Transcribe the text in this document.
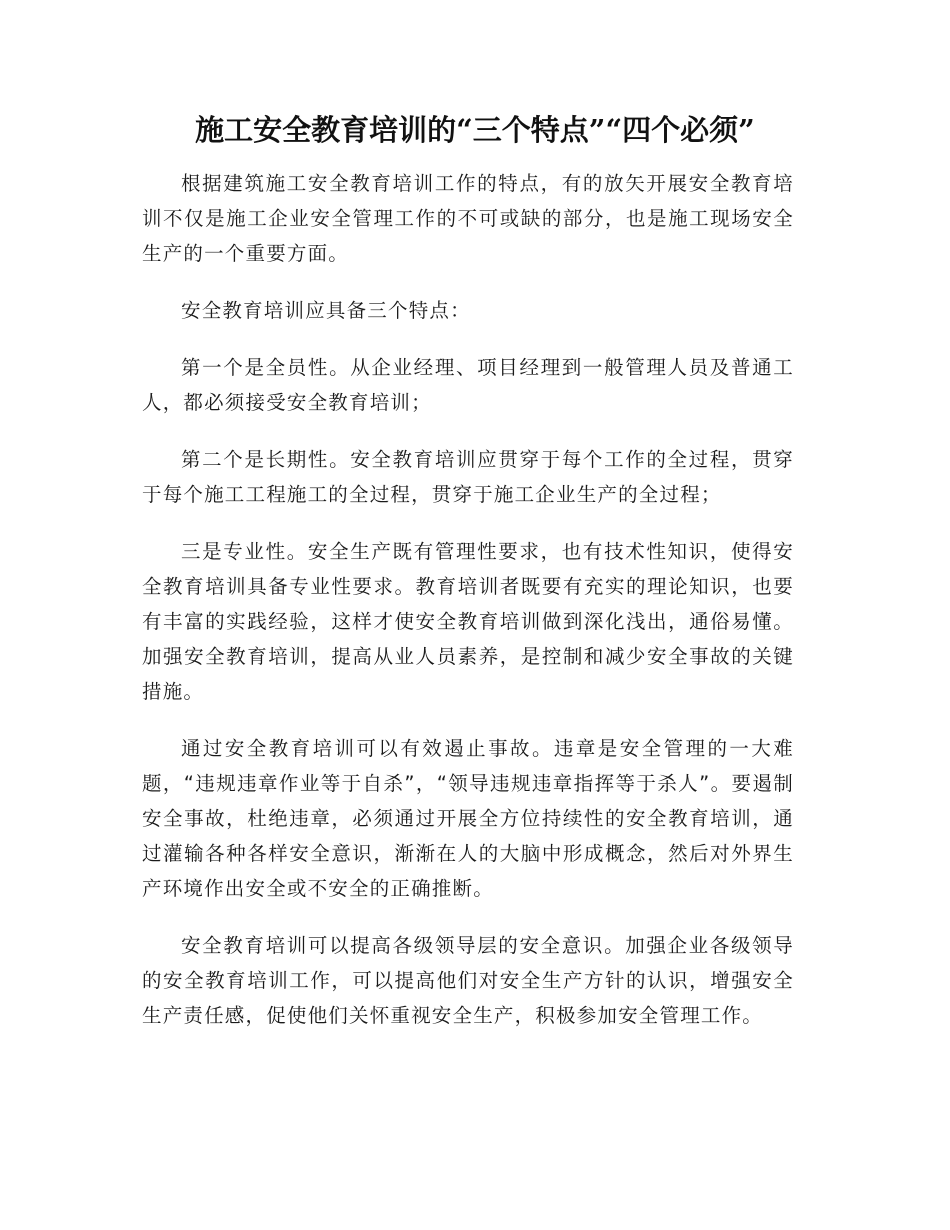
施工安全教育培训的“三个特点”“四个必须”

根据建筑施工安全教育培训工作的特点，有的放矢开展安全教育培训不仅是施工企业安全管理工作的不可或缺的部分，也是施工现场安全生产的一个重要方面。

安全教育培训应具备三个特点：

第一个是全员性。从企业经理、项目经理到一般管理人员及普通工人，都必须接受安全教育培训；

第二个是长期性。安全教育培训应贯穿于每个工作的全过程，贯穿于每个施工工程施工的全过程，贯穿于施工企业生产的全过程；

三是专业性。安全生产既有管理性要求，也有技术性知识，使得安全教育培训具备专业性要求。教育培训者既要有充实的理论知识，也要有丰富的实践经验，这样才使安全教育培训做到深化浅出，通俗易懂。加强安全教育培训，提高从业人员素养，是控制和减少安全事故的关键措施。

通过安全教育培训可以有效遏止事故。违章是安全管理的一大难题，“违规违章作业等于自杀”，“领导违规违章指挥等于杀人”。要遏制安全事故，杜绝违章，必须通过开展全方位持续性的安全教育培训，通过灌输各种各样安全意识，渐渐在人的大脑中形成概念，然后对外界生产环境作出安全或不安全的正确推断。

安全教育培训可以提高各级领导层的安全意识。加强企业各级领导的安全教育培训工作，可以提高他们对安全生产方针的认识，增强安全生产责任感，促使他们关怀重视安全生产，积极参加安全管理工作。
